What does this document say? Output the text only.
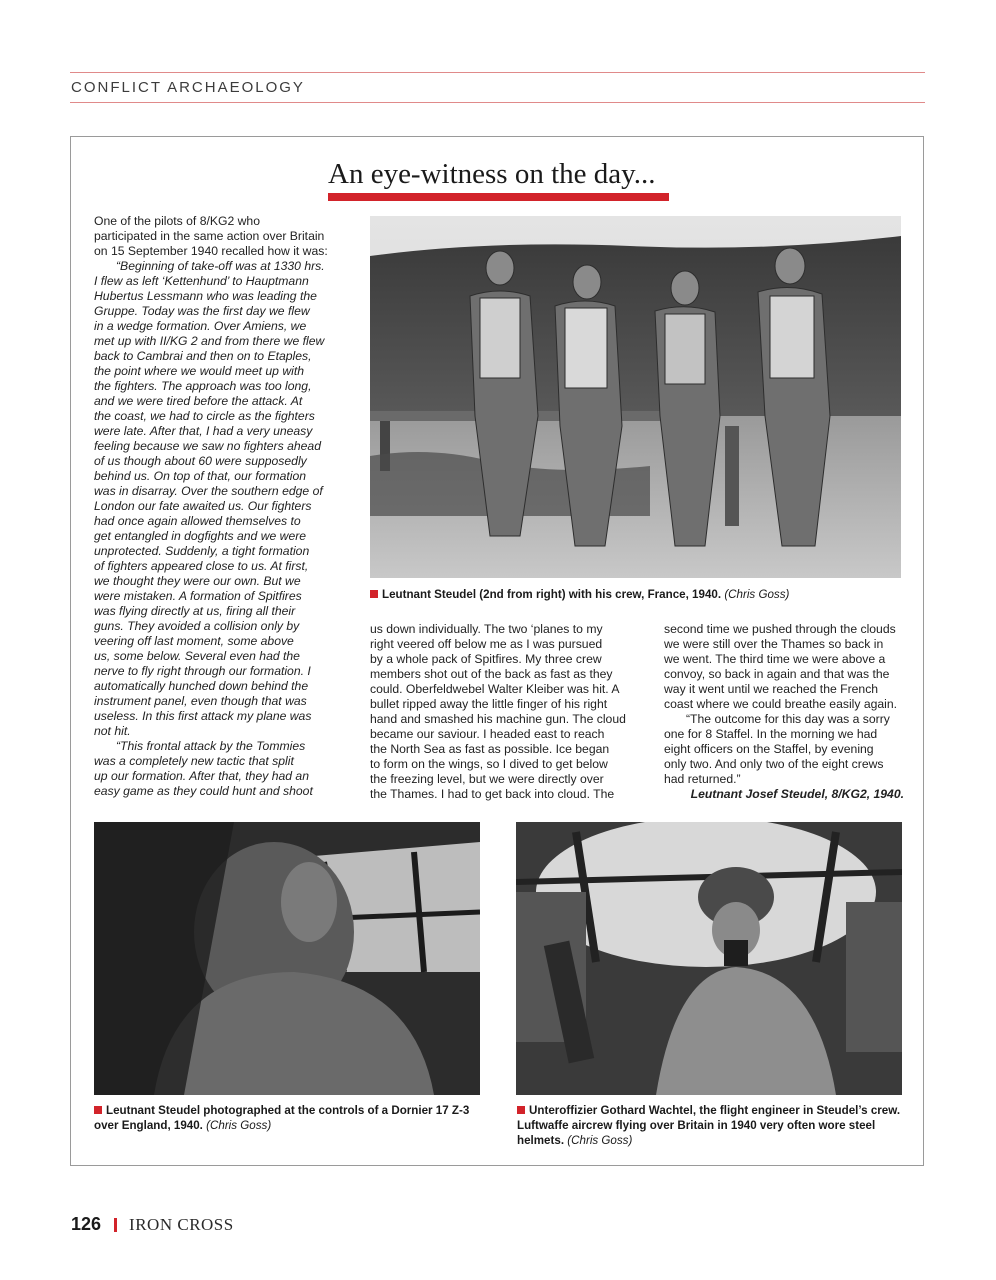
CONFLICT ARCHAEOLOGY
An eye-witness on the day...

One of the pilots of 8/KG2 who
participated in the same action over Britain
on 15 September 1940 recalled how it was:

“Beginning of take-off was at 1330 hrs.
I flew as left ‘Kettenhund’ to Hauptmann
Hubertus Lessmann who was leading the
Gruppe. Today was the first day we flew
in a wedge formation. Over Amiens, we
met up with II/KG 2 and from there we flew
back to Cambrai and then on to Etaples,
the point where we would meet up with
the fighters. The approach was too long,
and we were tired before the attack. At
the coast, we had to circle as the fighters
were late. After that, I had a very uneasy
feeling because we saw no fighters ahead
of us though about 60 were supposedly
behind us. On top of that, our formation
was in disarray. Over the southern edge of
London our fate awaited us. Our fighters
had once again allowed themselves to
get entangled in dogfights and we were
unprotected. Suddenly, a tight formation
of fighters appeared close to us. At first,
we thought they were our own. But we
were mistaken. A formation of Spitfires
was flying directly at us, firing all their
guns. They avoided a collision only by
veering off last moment, some above
us, some below. Several even had the
nerve to fly right through our formation. I
automatically hunched down behind the
instrument panel, even though that was
useless. In this first attack my plane was
not hit.

“This frontal attack by the Tommies
was a completely new tactic that split
up our formation. After that, they had an
easy game as they could hunt and shoot

Leutnant Steudel (2nd from right) with his crew, France, 1940. (Chris Goss)

us down individually. The two ‘planes to my
right veered off below me as I was pursued
by a whole pack of Spitfires. My three crew
members shot out of the back as fast as they
could. Oberfeldwebel Walter Kleiber was hit. A
bullet ripped away the little finger of his right
hand and smashed his machine gun. The cloud
became our saviour. I headed east to reach
the North Sea as fast as possible. Ice began
to form on the wings, so I dived to get below
the freezing level, but we were directly over
the Thames. I had to get back into cloud. The

second time we pushed through the clouds
we were still over the Thames so back in
we went. The third time we were above a
convoy, so back in again and that was the
way it went until we reached the French
coast where we could breathe easily again.

“The outcome for this day was a sorry
one for 8 Staffel. In the morning we had
eight officers on the Staffel, by evening
only two. And only two of the eight crews
had returned.”

Leutnant Josef Steudel, 8/KG2, 1940.

Leutnant Steudel photographed at the controls of a Dornier 17 Z-3 over England, 1940. (Chris Goss)
Unteroffizier Gothard Wachtel, the flight engineer in Steudel’s crew. Luftwaffe aircrew flying over Britain in 1940 very often wore steel helmets. (Chris Goss)
126 IRON CROSS
